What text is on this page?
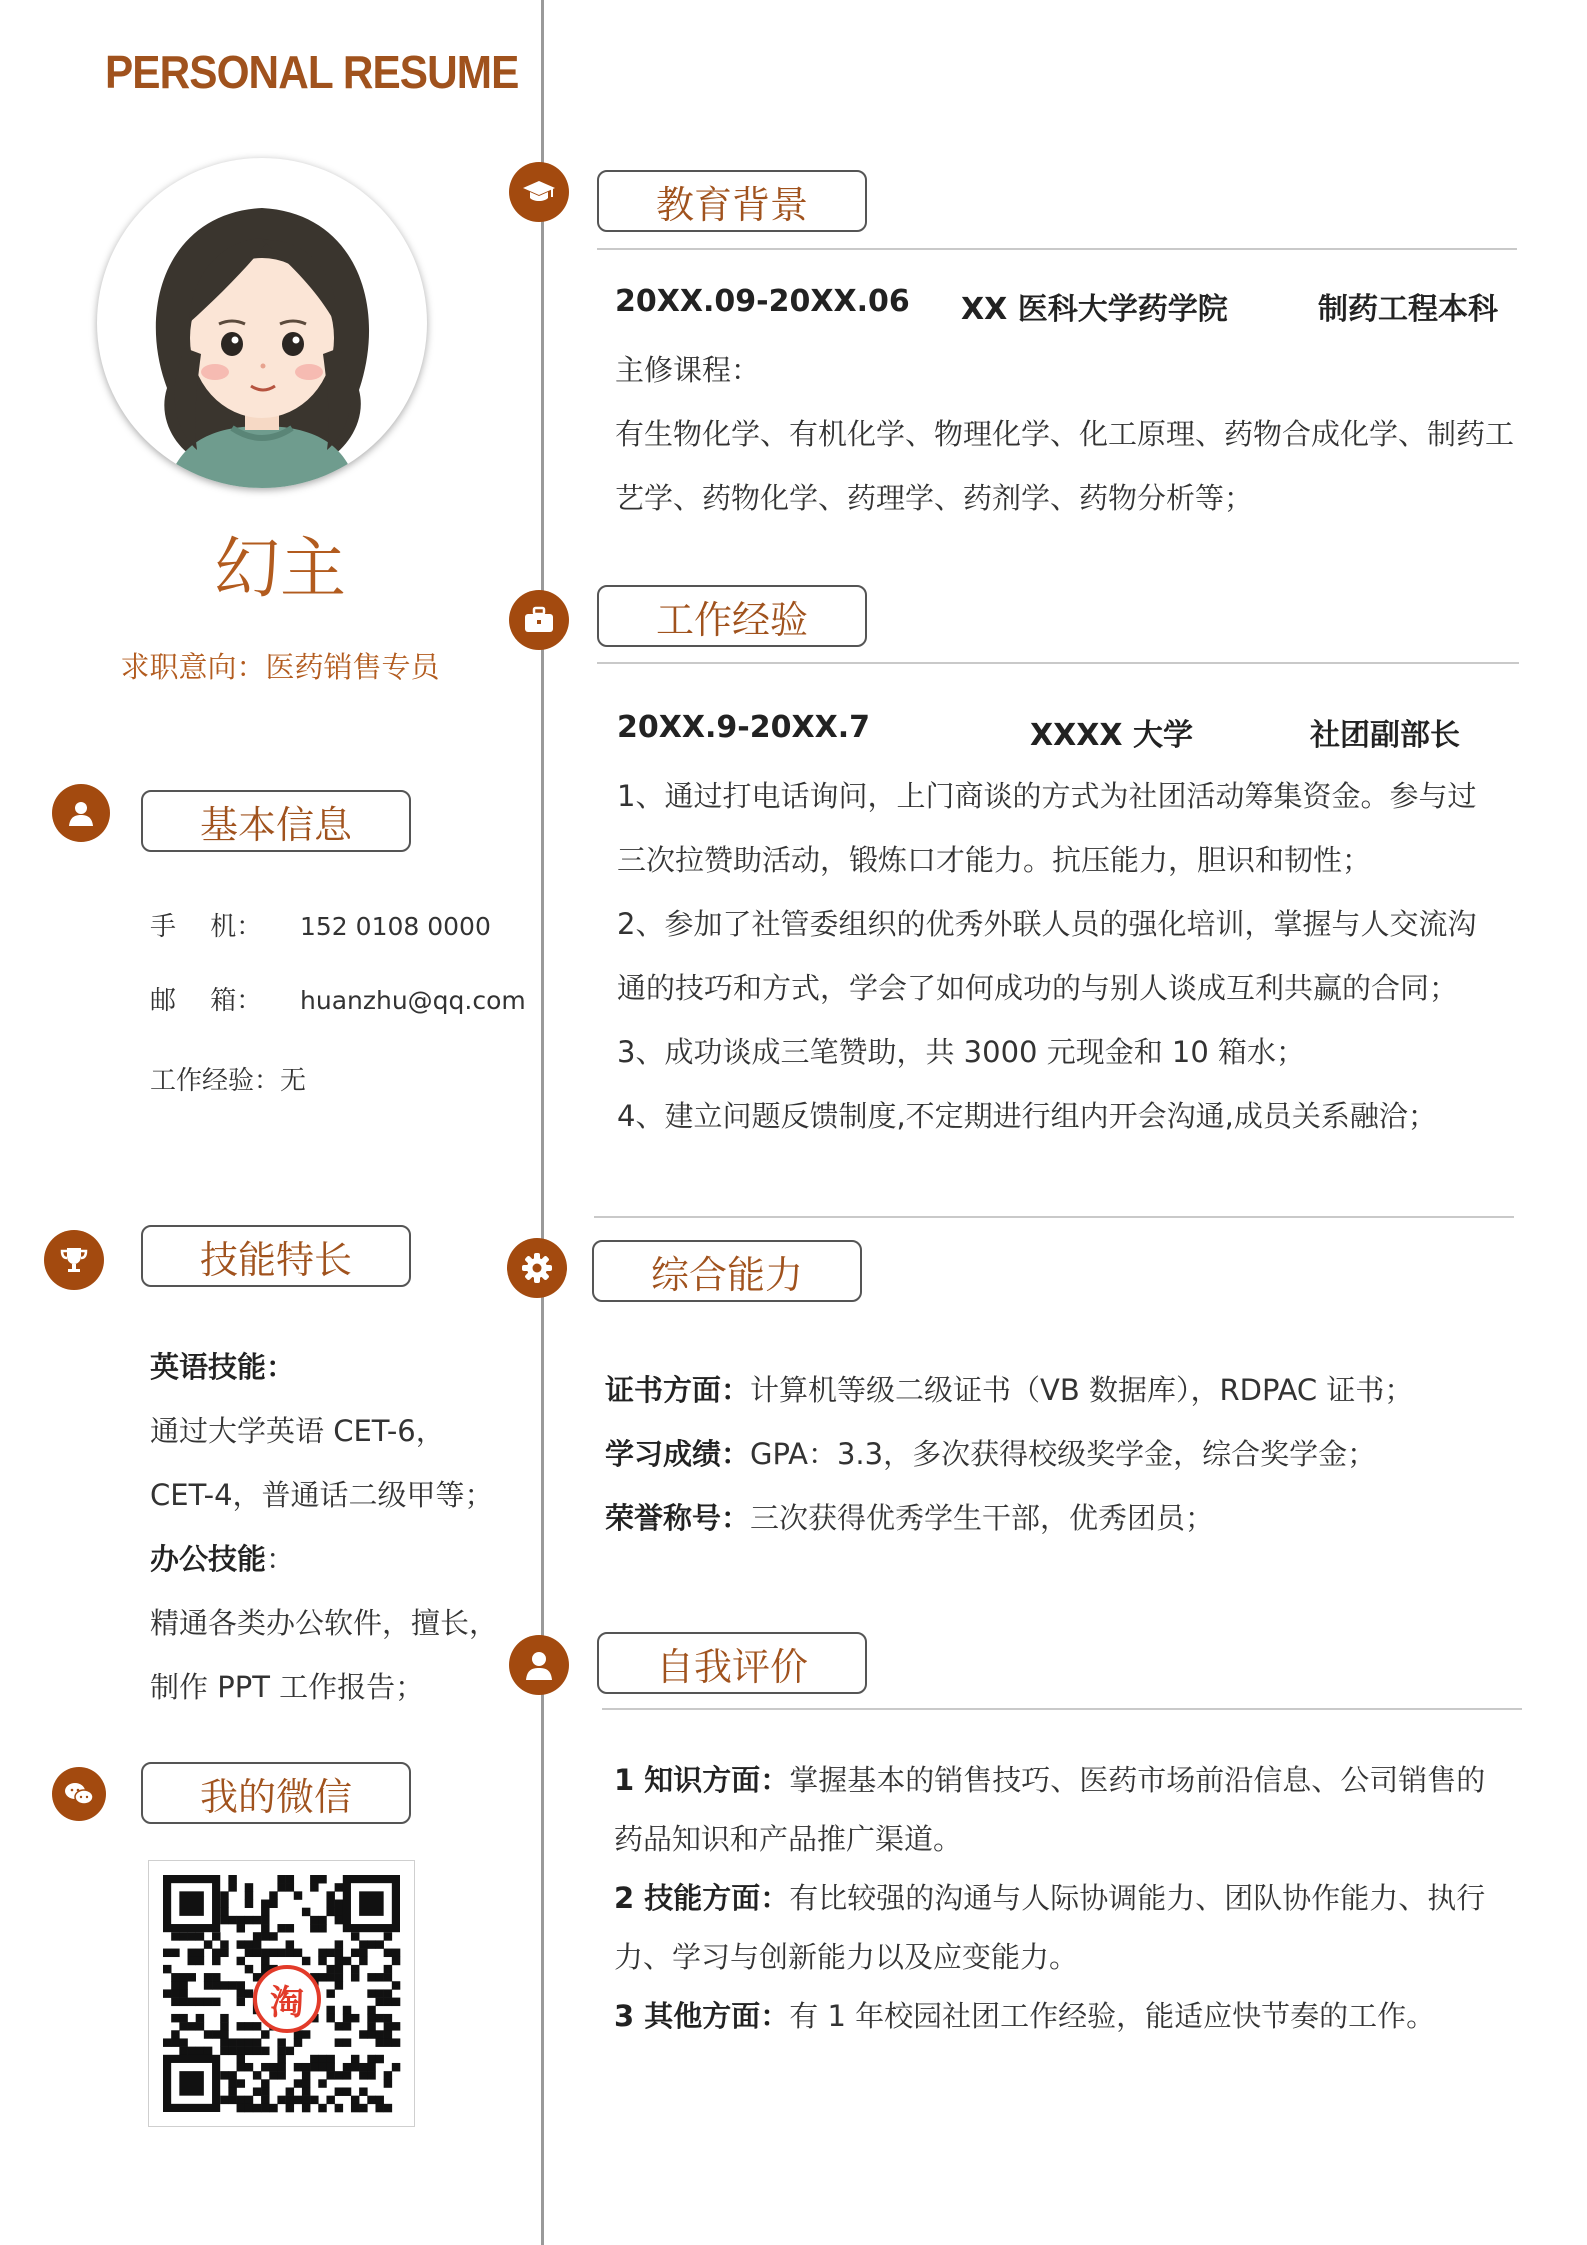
PERSONAL RESUME
幻主
求职意向：医药销售专员
基本信息
手　 机： 152 0108 0000
邮　 箱： huanzhu@qq.com
工作经验：无
技能特长
英语技能：
通过大学英语 CET-6，
CET-4，普通话二级甲等；
办公技能：
精通各类办公软件，擅长，
制作 PPT 工作报告；
我的微信
淘
教育背景
20XX.09-20XX.06 XX 医科大学药学院	制药工程本科
主修课程：
有生物化学、有机化学、物理化学、化工原理、药物合成化学、制药工
艺学、药物化学、药理学、药剂学、药物分析等；
工作经验
20XX.9-20XX.7	XXXX 大学	社团副部长
1、通过打电话询问，上门商谈的方式为社团活动筹集资金。参与过
三次拉赞助活动，锻炼口才能力。抗压能力，胆识和韧性；
2、参加了社管委组织的优秀外联人员的强化培训，掌握与人交流沟
通的技巧和方式，学会了如何成功的与别人谈成互利共赢的合同；
3、成功谈成三笔赞助，共 3000 元现金和 10 箱水；
4、建立问题反馈制度,不定期进行组内开会沟通,成员关系融洽；
综合能力
证书方面：计算机等级二级证书（VB 数据库），RDPAC 证书；
学习成绩：GPA：3.3，多次获得校级奖学金，综合奖学金；
荣誉称号：三次获得优秀学生干部，优秀团员；
自我评价
1 知识方面：掌握基本的销售技巧、医药市场前沿信息、公司销售的
药品知识和产品推广渠道。
2 技能方面：有比较强的沟通与人际协调能力、团队协作能力、执行
力、学习与创新能力以及应变能力。
3 其他方面：有 1 年校园社团工作经验，能适应快节奏的工作。
